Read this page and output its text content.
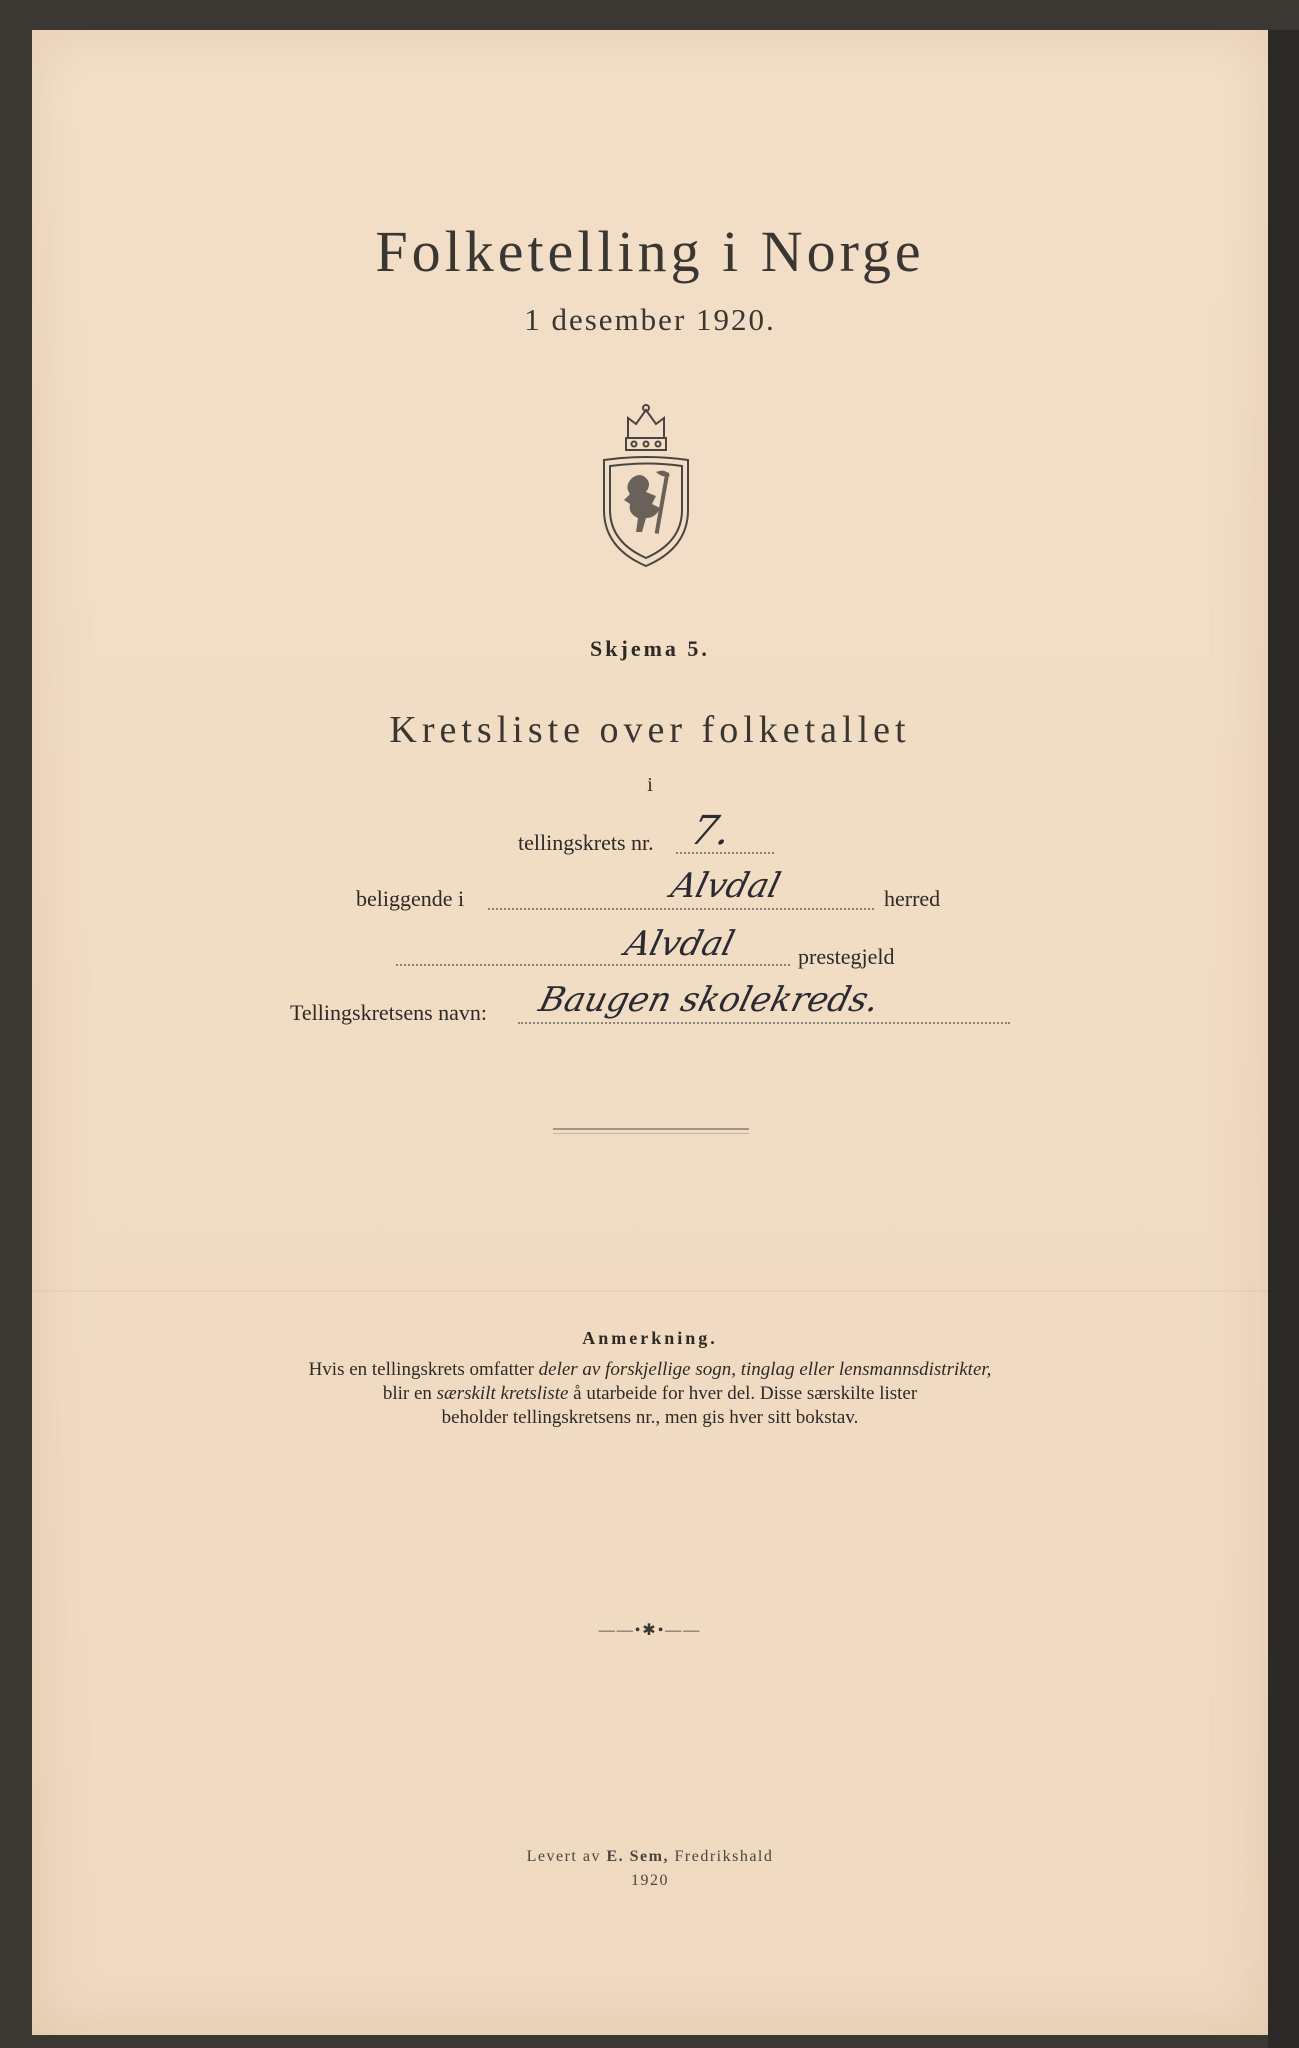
Folketelling i Norge
1 desember 1920.
Skjema 5.
Kretsliste over folketallet
i
tellingskrets nr. 7.
beliggende i	Alvdal	herred
Alvdal	prestegjeld
Tellingskretsens navn: Baugen skolekreds.
Anmerkning.
Hvis en tellingskrets omfatter deler av forskjellige sogn, tinglag eller lensmannsdistrikter,
blir en særskilt kretsliste å utarbeide for hver del. Disse særskilte lister
beholder tellingskretsens nr., men gis hver sitt bokstav.
——•✱•——
Levert av E. Sem, Fredrikshald
1920
